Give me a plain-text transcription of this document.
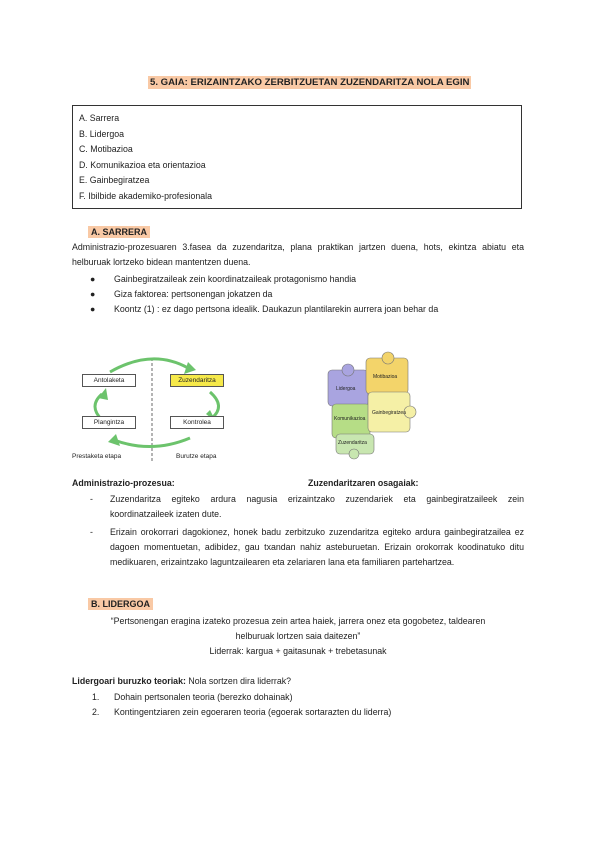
5. GAIA: ERIZAINTZAKO ZERBITZUETAN ZUZENDARITZA NOLA EGIN
A. Sarrera
B. Lidergoa
C. Motibazioa
D. Komunikazioa eta orientazioa
E. Gainbegiratzea
F. Ibilbide akademiko-profesionala
A. SARRERA
Administrazio-prozesuaren 3.fasea da zuzendaritza, plana praktikan jartzen duena, hots, ekintza abiatu eta helburuak lortzeko bidean mantentzen duena.
● Gainbegiratzaileak zein koordinatzaileak protagonismo handia
● Giza faktorea: pertsonengan jokatzen da
● Koontz (1) : ez dago pertsona idealik. Daukazun plantilarekin aurrera joan behar da
Antolaketa	Zuzendaritza
Plangintza	Kontrolea
Prestaketa etapa	Burutze etapa
Lidergoa
Motibazioa
Komunikazioa
Gainbegiratzea
Zuzendaritza
Administrazio-prozesua:	Zuzendaritzaren osagaiak:
- Zuzendaritza egiteko ardura nagusia erizaintzako zuzendariek eta gainbegiratzaileek zein koordinatzaileek izaten dute.
- Erizain orokorrari dagokionez, honek badu zerbitzuko zuzendaritza egiteko ardura gainbegiratzailea ez dagoen momentuetan, adibidez, gau txandan nahiz asteburuetan. Erizain orokorrak koodinatuko ditu medikuaren, erizaintzako laguntzailearen eta zelariaren lana eta familiaren partehartzea.
B. LIDERGOA
“Pertsonengan eragina izateko prozesua zein artea haiek, jarrera onez eta gogobetez, taldearen
helburuak lortzen saia daitezen”
Liderrak: kargua + gaitasunak + trebetasunak
Lidergoari buruzko teoriak: Nola sortzen dira liderrak?
1. Dohain pertsonalen teoria (berezko dohainak)
2. Kontingentziaren zein egoeraren teoria (egoerak sortarazten du liderra)
